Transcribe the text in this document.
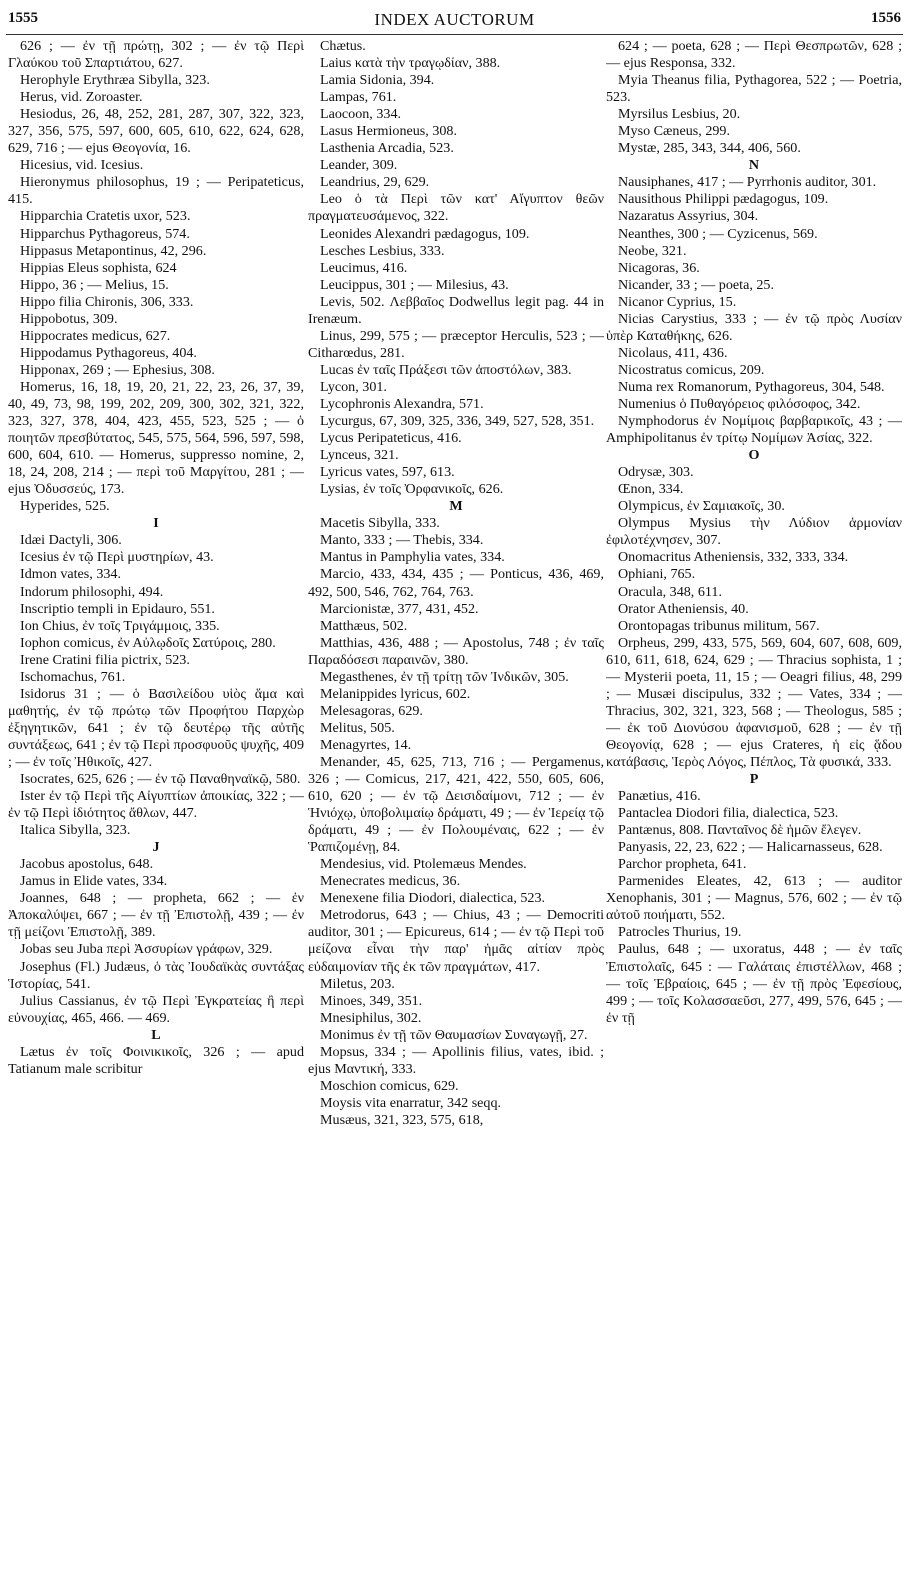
1555	INDEX AUCTORUM	1556

626 ; — ἐν τῇ πρώτῃ, 302 ; — ἐν τῷ Περὶ Γλαύκου τοῦ Σπαρτιάτου, 627.

Herophyle Erythræa Sibylla, 323.

Herus, vid. Zoroaster.

Hesiodus, 26, 48, 252, 281, 287, 307, 322, 323, 327, 356, 575, 597, 600, 605, 610, 622, 624, 628, 629, 716 ; — ejus Θεογονία, 16.

Hicesius, vid. Icesius.

Hieronymus philosophus, 19 ; — Peripateticus, 415.

Hipparchia Cratetis uxor, 523.

Hipparchus Pythagoreus, 574.

Hippasus Metapontinus, 42, 296.

Hippias Eleus sophista, 624

Hippo, 36 ; — Melius, 15.

Hippo filia Chironis, 306, 333.

Hippobotus, 309.

Hippocrates medicus, 627.

Hippodamus Pythagoreus, 404.

Hipponax, 269 ; — Ephesius, 308.

Homerus, 16, 18, 19, 20, 21, 22, 23, 26, 37, 39, 40, 49, 73, 98, 199, 202, 209, 300, 302, 321, 322, 323, 327, 378, 404, 423, 455, 523, 525 ; — ὁ ποιητῶν πρεσβύτατος, 545, 575, 564, 596, 597, 598, 600, 604, 610. — Homerus, suppresso nomine, 2, 18, 24, 208, 214 ; — περὶ τοῦ Μαργίτου, 281 ; — ejus Ὀδυσσεύς, 173.

Hyperides, 525.

I

Idæi Dactyli, 306.

Icesius ἐν τῷ Περὶ μυστηρίων, 43.

Idmon vates, 334.

Indorum philosophi, 494.

Inscriptio templi in Epidauro, 551.

Ion Chius, ἐν τοῖς Τριγάμμοις, 335.

Iophon comicus, ἐν Αὐλῳδοῖς Σατύροις, 280.

Irene Cratini filia pictrix, 523.

Ischomachus, 761.

Isidorus 31 ; — ὁ Βασιλείδου υἱὸς ἅμα καὶ μαθητής, ἐν τῷ πρώτῳ τῶν Προφήτου Παρχὼρ ἐξηγητικῶν, 641 ; ἐν τῷ δευτέρῳ τῆς αὐτῆς συντάξεως, 641 ; ἐν τῷ Περὶ προσφυοῦς ψυχῆς, 409 ; — ἐν τοῖς Ἠθικοῖς, 427.

Isocrates, 625, 626 ; — ἐν τῷ Παναθηναϊκῷ, 580.

Ister ἐν τῷ Περὶ τῆς Αἰγυπτίων ἀποικίας, 322 ; — ἐν τῷ Περὶ ἰδιότητος ἄθλων, 447.

Italica Sibylla, 323.

J

Jacobus apostolus, 648.

Jamus in Elide vates, 334.

Joannes, 648 ; — propheta, 662 ; — ἐν Ἀποκαλύψει, 667 ; — ἐν τῇ Ἐπιστολῇ, 439 ; — ἐν τῇ μείζονι Ἐπιστολῇ, 389.

Jobas seu Juba περὶ Ἀσσυρίων γράφων, 329.

Josephus (Fl.) Judæus, ὁ τὰς Ἰουδαϊκὰς συντάξας Ἱστορίας, 541.

Julius Cassianus, ἐν τῷ Περὶ Ἐγκρατείας ἢ περὶ εὐνουχίας, 465, 466. — 469.

L

Lætus ἐν τοῖς Φοινικικοῖς, 326 ; — apud Tatianum male scribitur

Chætus.

Laius κατὰ τὴν τραγῳδίαν, 388.

Lamia Sidonia, 394.

Lampas, 761.

Laocoon, 334.

Lasus Hermioneus, 308.

Lasthenia Arcadia, 523.

Leander, 309.

Leandrius, 29, 629.

Leo ὁ τὰ Περὶ τῶν κατ' Αἴγυπτον θεῶν πραγματευσάμενος, 322.

Leonides Alexandri pædagogus, 109.

Lesches Lesbius, 333.

Leucimus, 416.

Leucippus, 301 ; — Milesius, 43.

Levis, 502. Λεββαῖος Dodwellus legit pag. 44 in Irenæum.

Linus, 299, 575 ; — præceptor Herculis, 523 ; — Citharœdus, 281.

Lucas ἐν ταῖς Πράξεσι τῶν ἀποστόλων, 383.

Lycon, 301.

Lycophronis Alexandra, 571.

Lycurgus, 67, 309, 325, 336, 349, 527, 528, 351.

Lycus Peripateticus, 416.

Lynceus, 321.

Lyricus vates, 597, 613.

Lysias, ἐν τοῖς Ὀρφανικοῖς, 626.

M

Macetis Sibylla, 333.

Manto, 333 ; — Thebis, 334.

Mantus in Pamphylia vates, 334.

Marcio, 433, 434, 435 ; — Ponticus, 436, 469, 492, 500, 546, 762, 764, 763.

Marcionistæ, 377, 431, 452.

Matthæus, 502.

Matthias, 436, 488 ; — Apostolus, 748 ; ἐν ταῖς Παραδόσεσι παραινῶν, 380.

Megasthenes, ἐν τῇ τρίτῃ τῶν Ἰνδικῶν, 305.

Melanippides lyricus, 602.

Melesagoras, 629.

Melitus, 505.

Menagyrtes, 14.

Menander, 45, 625, 713, 716 ; — Pergamenus, 326 ; — Comicus, 217, 421, 422, 550, 605, 606, 610, 620 ; — ἐν τῷ Δεισιδαίμονι, 712 ; — ἐν Ἡνιόχῳ, ὑποβολιμαίῳ δράματι, 49 ; — ἐν Ἱερείᾳ τῷ δράματι, 49 ; — ἐν Πολουμέναις, 622 ; — ἐν Ῥαπιζομένῃ, 84.

Mendesius, vid. Ptolemæus Mendes.

Menecrates medicus, 36.

Menexene filia Diodori, dialectica, 523.

Metrodorus, 643 ; — Chius, 43 ; — Democriti auditor, 301 ; — Epicureus, 614 ; — ἐν τῷ Περὶ τοῦ μείζονα εἶναι τὴν παρ' ἡμᾶς αἰτίαν πρὸς εὐδαιμονίαν τῆς ἐκ τῶν πραγμάτων, 417.

Miletus, 203.

Minoes, 349, 351.

Mnesiphilus, 302.

Monimus ἐν τῇ τῶν Θαυμασίων Συναγωγῇ, 27.

Mopsus, 334 ; — Apollinis filius, vates, ibid. ; ejus Μαντική, 333.

Moschion comicus, 629.

Moysis vita enarratur, 342 seqq.

Musæus, 321, 323, 575, 618,

624 ; — poeta, 628 ; — Περὶ Θεσπρωτῶν, 628 ; — ejus Responsa, 332.

Myia Theanus filia, Pythagorea, 522 ; — Poetria, 523.

Myrsilus Lesbius, 20.

Myso Cæneus, 299.

Mystæ, 285, 343, 344, 406, 560.

N

Nausiphanes, 417 ; — Pyrrhonis auditor, 301.

Nausithous Philippi pædagogus, 109.

Nazaratus Assyrius, 304.

Neanthes, 300 ; — Cyzicenus, 569.

Neobe, 321.

Nicagoras, 36.

Nicander, 33 ; — poeta, 25.

Nicanor Cyprius, 15.

Nicias Carystius, 333 ; — ἐν τῷ πρὸς Λυσίαν ὑπὲρ Καταθήκης, 626.

Nicolaus, 411, 436.

Nicostratus comicus, 209.

Numa rex Romanorum, Pythagoreus, 304, 548.

Numenius ὁ Πυθαγόρειος φιλόσοφος, 342.

Nymphodorus ἐν Νομίμοις βαρβαρικοῖς, 43 ; — Amphipolitanus ἐν τρίτῳ Νομίμων Ἀσίας, 322.

O

Odrysæ, 303.

Œnon, 334.

Olympicus, ἐν Σαμιακοῖς, 30.

Olympus Mysius τὴν Λύδιον ἁρμονίαν ἐφιλοτέχνησεν, 307.

Onomacritus Atheniensis, 332, 333, 334.

Ophiani, 765.

Oracula, 348, 611.

Orator Atheniensis, 40.

Orontopagas tribunus militum, 567.

Orpheus, 299, 433, 575, 569, 604, 607, 608, 609, 610, 611, 618, 624, 629 ; — Thracius sophista, 1 ; — Mysterii poeta, 11, 15 ; — Oeagri filius, 48, 299 ; — Musæi discipulus, 332 ; — Vates, 334 ; — Thracius, 302, 321, 323, 568 ; — Theologus, 585 ; — ἐκ τοῦ Διονύσου ἀφανισμοῦ, 628 ; — ἐν τῇ Θεογονίᾳ, 628 ; — ejus Crateres, ἡ εἰς ᾅδου κατάβασις, Ἱερὸς Λόγος, Πέπλος, Τὰ φυσικά, 333.

P

Panætius, 416.

Pantaclea Diodori filia, dialectica, 523.

Pantænus, 808. Πανταῖνος δὲ ἡμῶν ἔλεγεν.

Panyasis, 22, 23, 622 ; — Halicarnasseus, 628.

Parchor propheta, 641.

Parmenides Eleates, 42, 613 ; — auditor Xenophanis, 301 ; — Magnus, 576, 602 ; — ἐν τῷ αὐτοῦ ποιήματι, 552.

Patrocles Thurius, 19.

Paulus, 648 ; — uxoratus, 448 ; — ἐν ταῖς Ἐπιστολαῖς, 645 : — Γαλάταις ἐπιστέλλων, 468 ; — τοῖς Ἑβραίοις, 645 ; — ἐν τῇ πρὸς Ἐφεσίους, 499 ; — τοῖς Κολασσαεῦσι, 277, 499, 576, 645 ; — ἐν τῇ
